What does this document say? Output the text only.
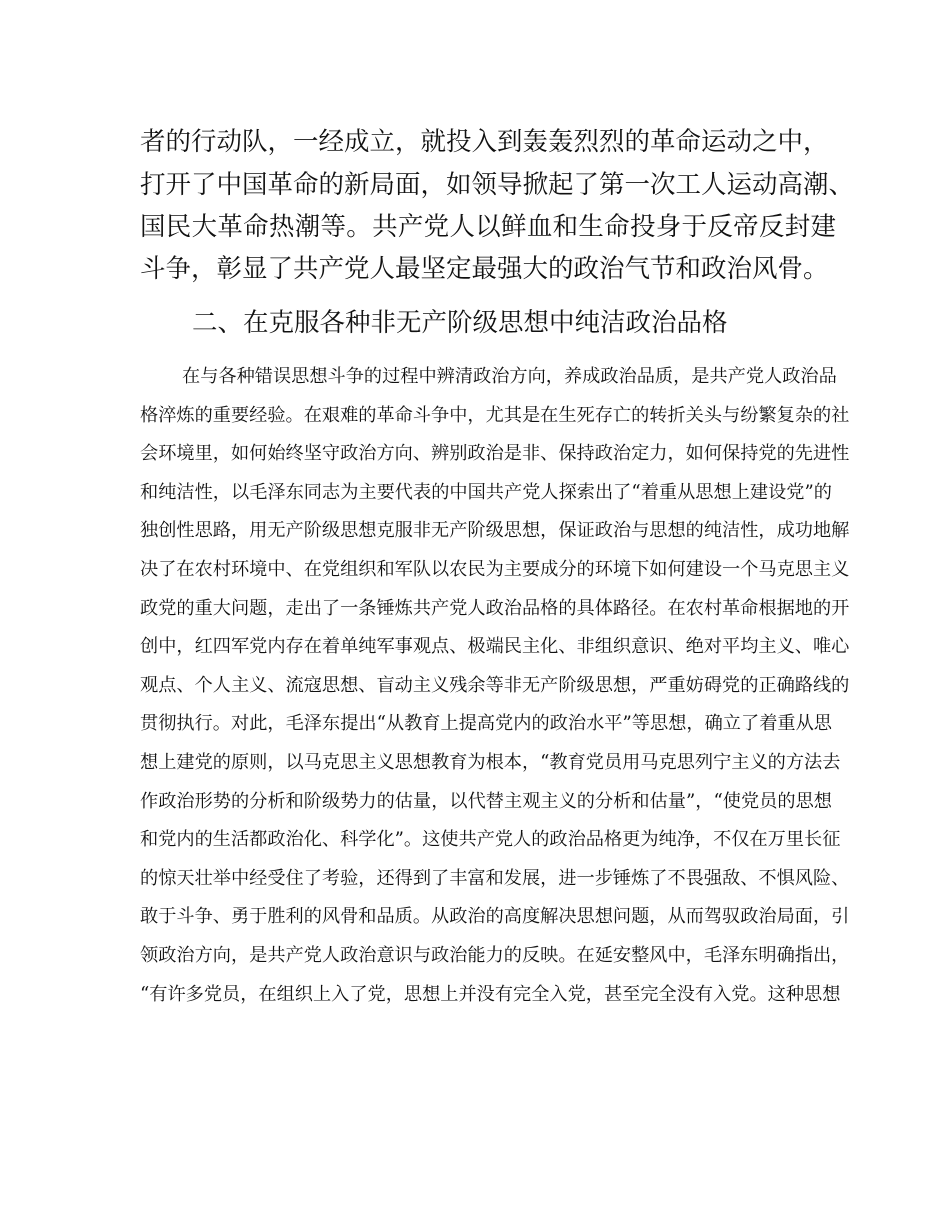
者的行动队，一经成立，就投入到轰轰烈烈的革命运动之中，
打开了中国革命的新局面，如领导掀起了第一次工人运动高潮、
国民大革命热潮等。共产党人以鲜血和生命投身于反帝反封建
斗争，彰显了共产党人最坚定最强大的政治气节和政治风骨。
二、在克服各种非无产阶级思想中纯洁政治品格
在与各种错误思想斗争的过程中辨清政治方向，养成政治品质，是共产党人政治品
格淬炼的重要经验。在艰难的革命斗争中，尤其是在生死存亡的转折关头与纷繁复杂的社
会环境里，如何始终坚守政治方向、辨别政治是非、保持政治定力，如何保持党的先进性
和纯洁性，以毛泽东同志为主要代表的中国共产党人探索出了“着重从思想上建设党”的
独创性思路，用无产阶级思想克服非无产阶级思想，保证政治与思想的纯洁性，成功地解
决了在农村环境中、在党组织和军队以农民为主要成分的环境下如何建设一个马克思主义
政党的重大问题，走出了一条锤炼共产党人政治品格的具体路径。在农村革命根据地的开
创中，红四军党内存在着单纯军事观点、极端民主化、非组织意识、绝对平均主义、唯心
观点、个人主义、流寇思想、盲动主义残余等非无产阶级思想，严重妨碍党的正确路线的
贯彻执行。对此，毛泽东提出“从教育上提高党内的政治水平”等思想，确立了着重从思
想上建党的原则，以马克思主义思想教育为根本，“教育党员用马克思列宁主义的方法去
作政治形势的分析和阶级势力的估量，以代替主观主义的分析和估量”，“使党员的思想
和党内的生活都政治化、科学化”。这使共产党人的政治品格更为纯净，不仅在万里长征
的惊天壮举中经受住了考验，还得到了丰富和发展，进一步锤炼了不畏强敌、不惧风险、
敢于斗争、勇于胜利的风骨和品质。从政治的高度解决思想问题，从而驾驭政治局面，引
领政治方向，是共产党人政治意识与政治能力的反映。在延安整风中，毛泽东明确指出，
“有许多党员，在组织上入了党，思想上并没有完全入党，甚至完全没有入党。这种思想
